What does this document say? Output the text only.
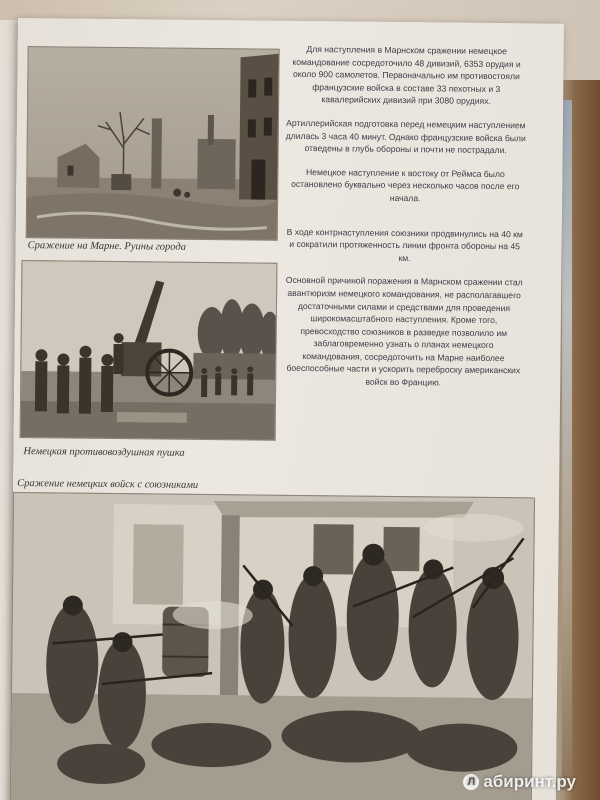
Сражение на Марне. Руины города
Немецкая противовоздушная пушка
Сражение немецких войск с союзниками

Для наступления в Марнском сражении немецкое командование сосредоточило 48 дивизий, 6353 орудия и около 900 самолетов. Первоначально им противостояли французские войска в составе 33 пехотных и 3 кавалерийских дивизий при 3080 орудиях.

Артиллерийская подготовка перед немецким наступлением длилась 3 часа 40 минут. Однако французские войска были отведены в глубь обороны и почти не пострадали.

Немецкое наступление к востоку от Реймса было остановлено буквально через несколько часов после его начала.

В ходе контрнаступления союзники продвинулись на 40 км и сократили протяженность линии фронта обороны на 45 км.

Основной причиной поражения в Марнском сражении стал авантюризм немецкого командования, не располагавшего достаточными силами и средствами для проведения широкомасштабного наступления. Кроме того, превосходство союзников в разведке позволило им заблаговременно узнать о планах немецкого командования, сосредоточить на Марне наиболее боеспособные части и ускорить переброску американских войск во Францию.

Л абиринт.ру
